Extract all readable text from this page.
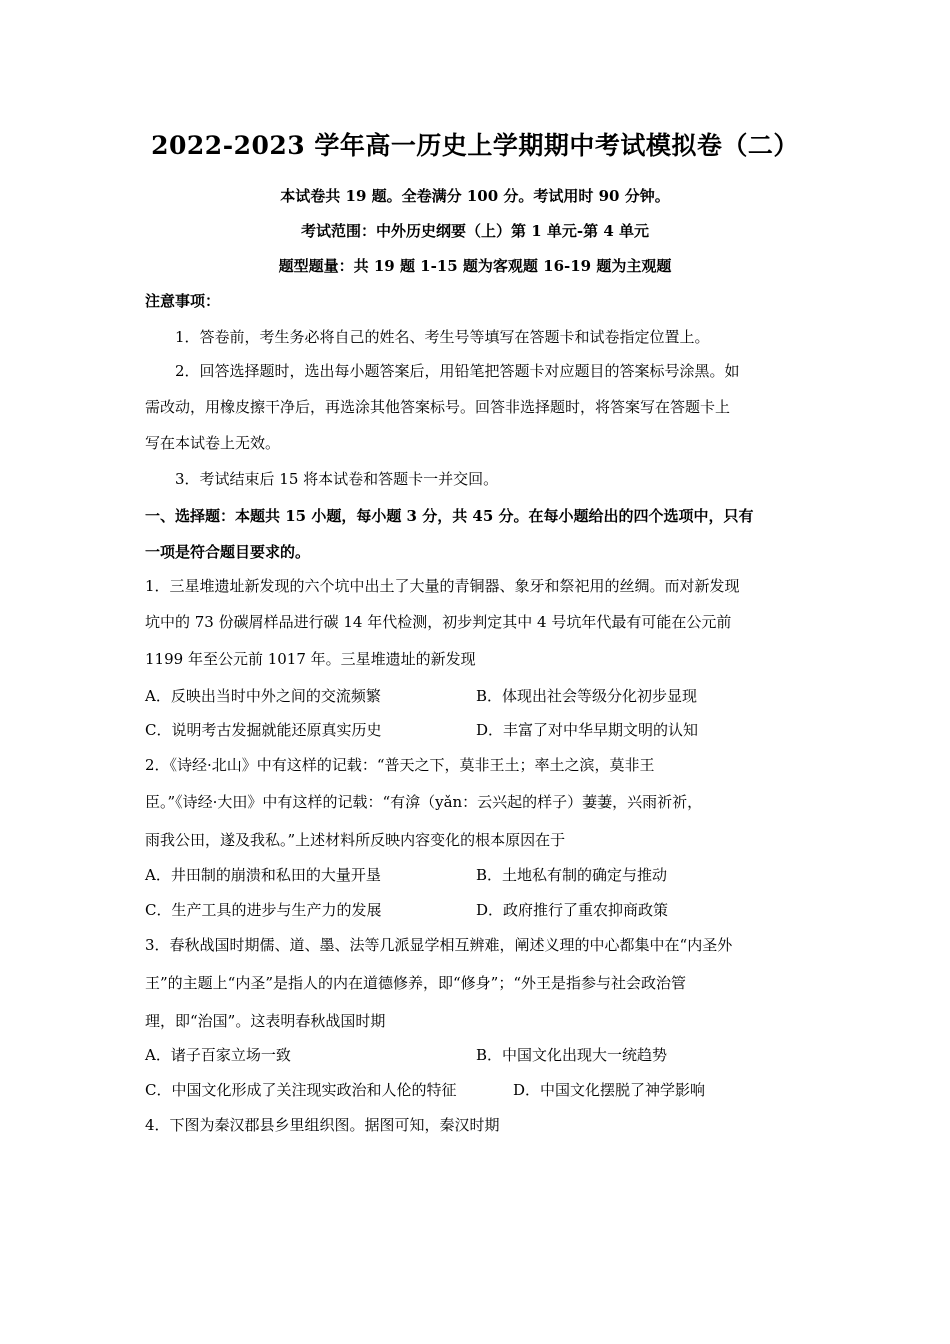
2022-2023 学年高一历史上学期期中考试模拟卷（二）
本试卷共 19 题。全卷满分 100 分。考试用时 90 分钟。
考试范围：中外历史纲要（上）第 1 单元-第 4 单元
题型题量：共 19 题 1-15 题为客观题 16-19 题为主观题
注意事项：
1．答卷前，考生务必将自己的姓名、考生号等填写在答题卡和试卷指定位置上。
2．回答选择题时，选出每小题答案后，用铅笔把答题卡对应题目的答案标号涂黑。如
需改动，用橡皮擦干净后，再选涂其他答案标号。回答非选择题时，将答案写在答题卡上
写在本试卷上无效。
3．考试结束后 15 将本试卷和答题卡一并交回。
一、选择题：本题共 15 小题，每小题 3 分，共 45 分。在每小题给出的四个选项中，只有
一项是符合题目要求的。
1．三星堆遗址新发现的六个坑中出土了大量的青铜器、象牙和祭祀用的丝绸。而对新发现
坑中的 73 份碳屑样品进行碳 14 年代检测，初步判定其中 4 号坑年代最有可能在公元前
1199 年至公元前 1017 年。三星堆遗址的新发现
A．反映出当时中外之间的交流频繁	B．体现出社会等级分化初步显现
C．说明考古发掘就能还原真实历史	D．丰富了对中华早期文明的认知
2．《诗经·北山》中有这样的记载：“普天之下，莫非王土；率土之滨，莫非王
臣。”《诗经·大田》中有这样的记载：“有渰（yǎn：云兴起的样子）萋萋，兴雨祈祈，
雨我公田，遂及我私。”上述材料所反映内容变化的根本原因在于
A．井田制的崩溃和私田的大量开垦	B．土地私有制的确定与推动
C．生产工具的进步与生产力的发展	D．政府推行了重农抑商政策
3．春秋战国时期儒、道、墨、法等几派显学相互辨难，阐述义理的中心都集中在“内圣外
王”的主题上“内圣”是指人的内在道德修养，即“修身”；“外王是指参与社会政治管
理，即“治国”。这表明春秋战国时期
A．诸子百家立场一致	B．中国文化出现大一统趋势
C．中国文化形成了关注现实政治和人伦的特征	D．中国文化摆脱了神学影响
4．下图为秦汉郡县乡里组织图。据图可知，秦汉时期
